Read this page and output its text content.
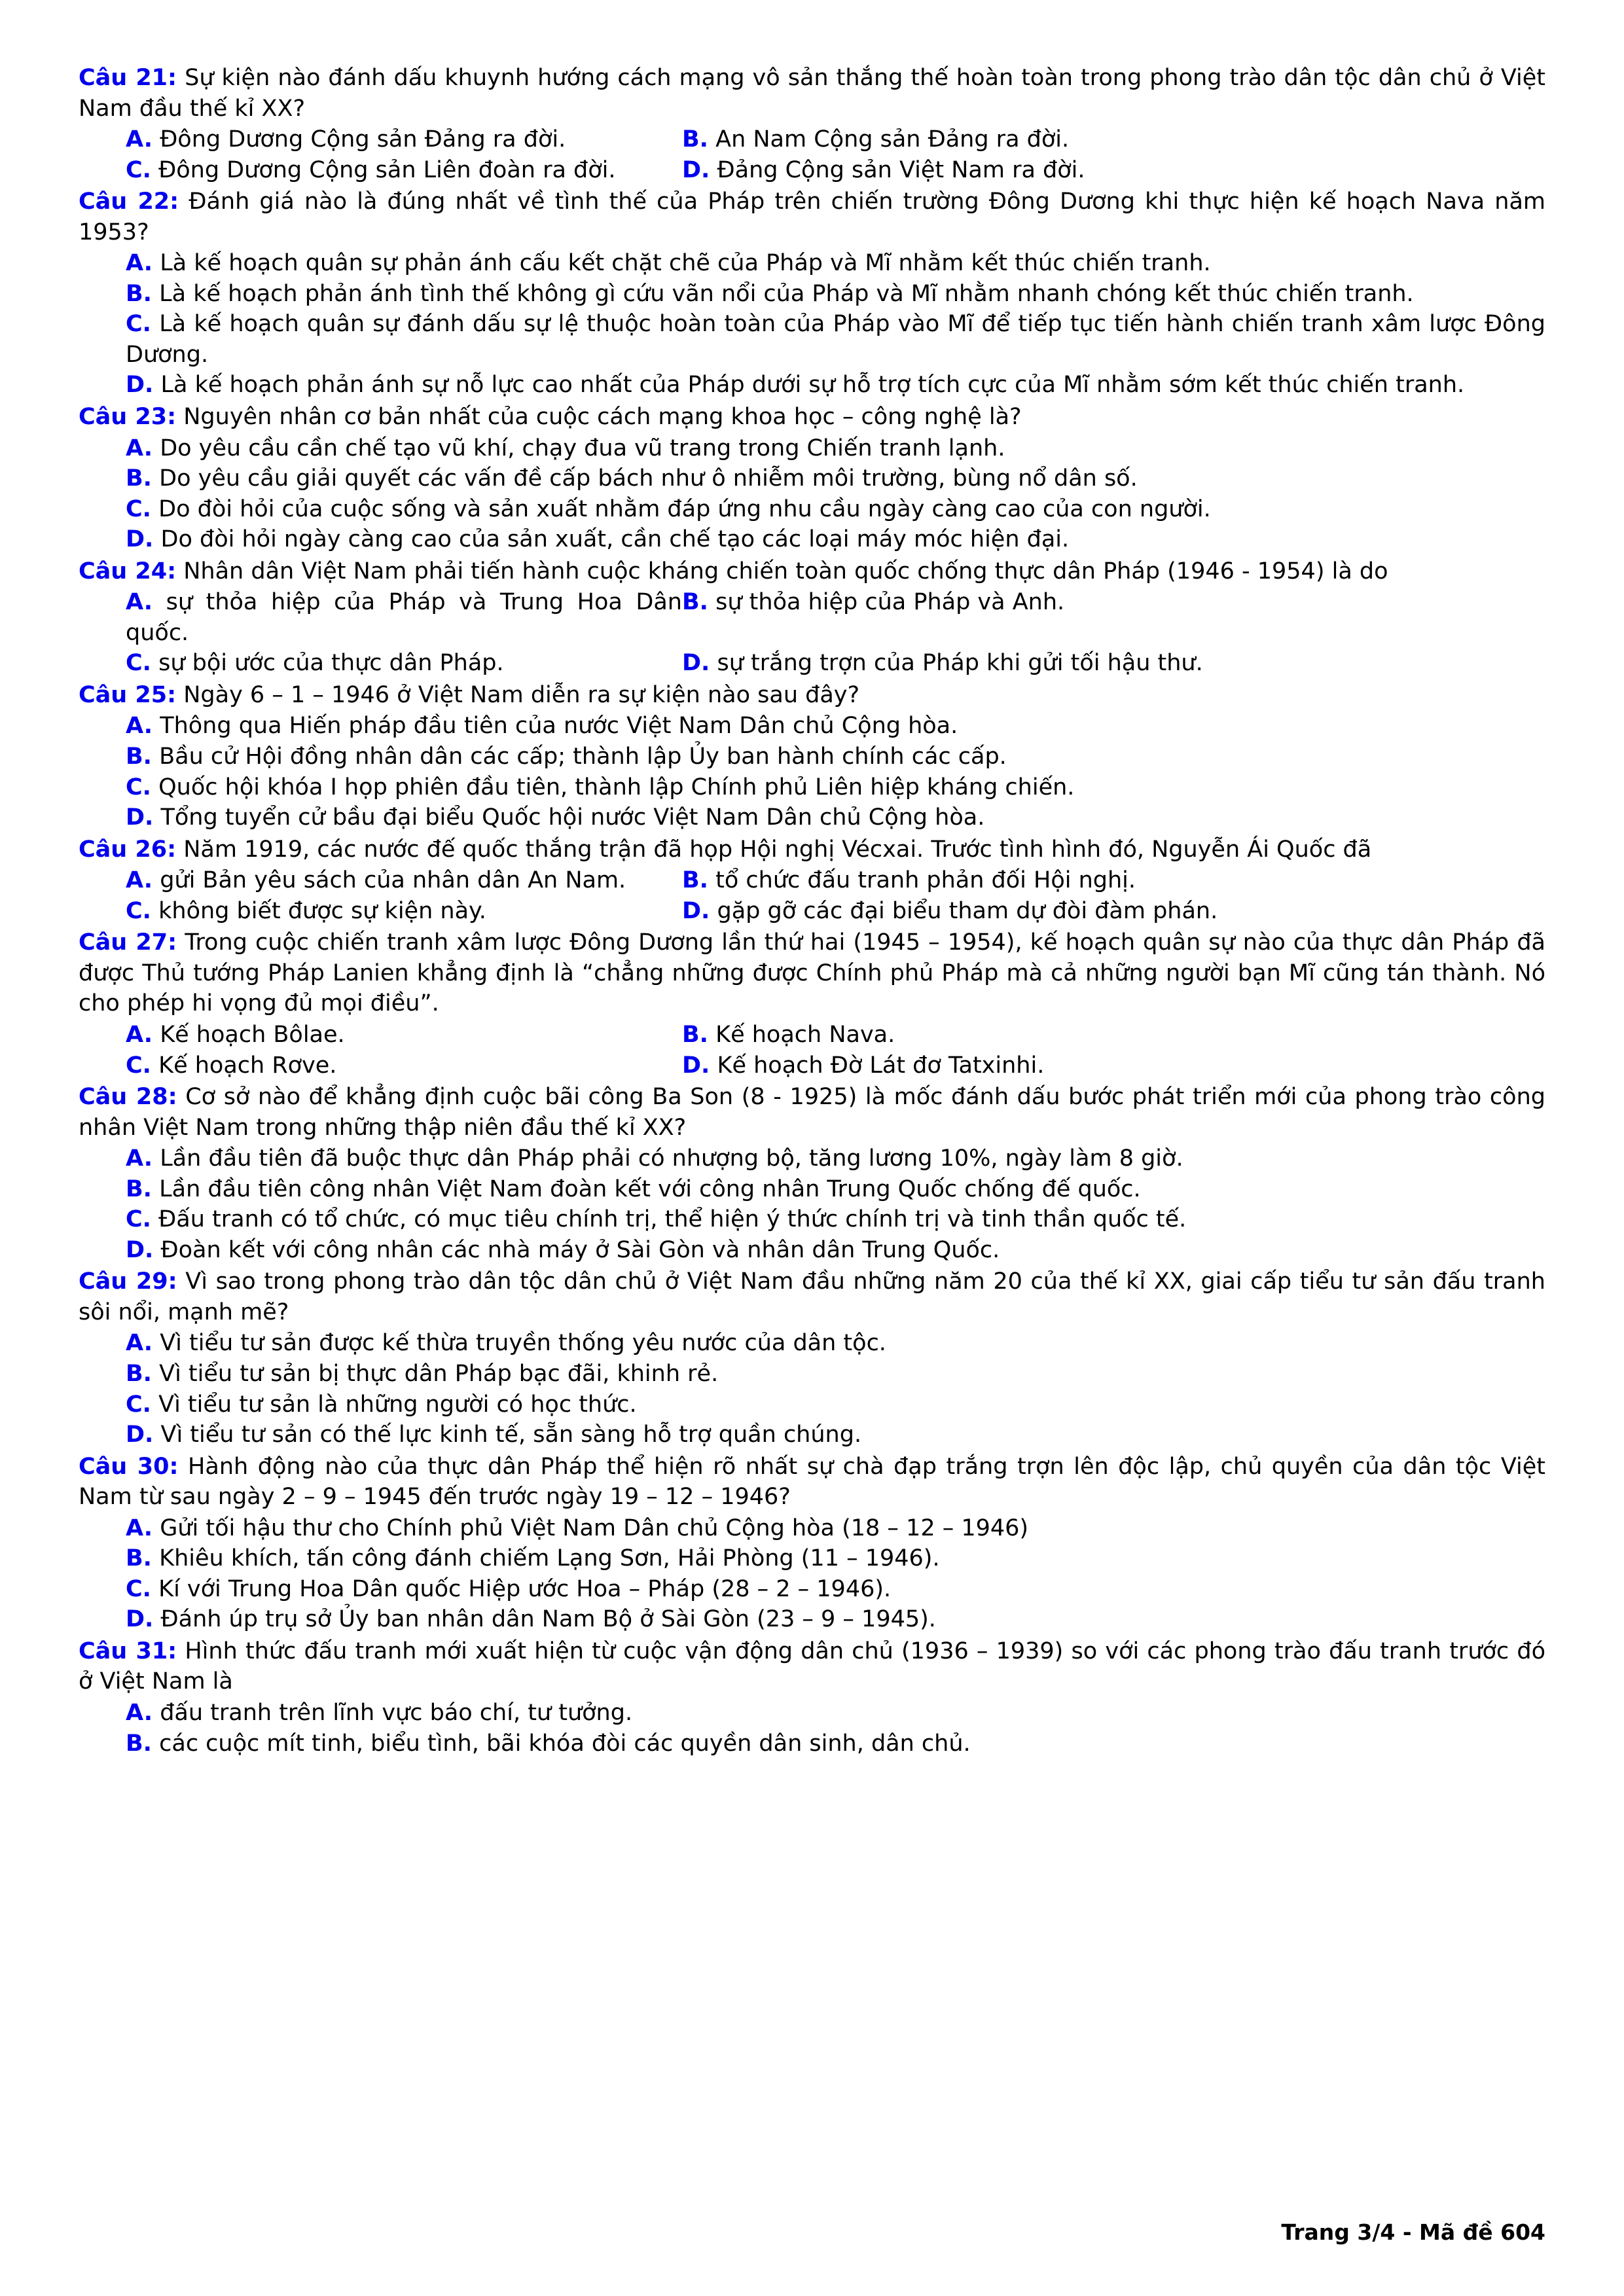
Câu 21: Sự kiện nào đánh dấu khuynh hướng cách mạng vô sản thắng thế hoàn toàn trong phong trào dân tộc dân chủ ở Việt Nam đầu thế kỉ XX?
A. Đông Dương Cộng sản Đảng ra đời.	B. An Nam Cộng sản Đảng ra đời.
C. Đông Dương Cộng sản Liên đoàn ra đời.	D. Đảng Cộng sản Việt Nam ra đời.
Câu 22: Đánh giá nào là đúng nhất về tình thế của Pháp trên chiến trường Đông Dương khi thực hiện kế hoạch Nava năm 1953?
A. Là kế hoạch quân sự phản ánh cấu kết chặt chẽ của Pháp và Mĩ nhằm kết thúc chiến tranh.
B. Là kế hoạch phản ánh tình thế không gì cứu vãn nổi của Pháp và Mĩ nhằm nhanh chóng kết thúc chiến tranh.
C. Là kế hoạch quân sự đánh dấu sự lệ thuộc hoàn toàn của Pháp vào Mĩ để tiếp tục tiến hành chiến tranh xâm lược Đông Dương.
D. Là kế hoạch phản ánh sự nỗ lực cao nhất của Pháp dưới sự hỗ trợ tích cực của Mĩ nhằm sớm kết thúc chiến tranh.
Câu 23: Nguyên nhân cơ bản nhất của cuộc cách mạng khoa học – công nghệ là?
A. Do yêu cầu cần chế tạo vũ khí, chạy đua vũ trang trong Chiến tranh lạnh.
B. Do yêu cầu giải quyết các vấn đề cấp bách như ô nhiễm môi trường, bùng nổ dân số.
C. Do đòi hỏi của cuộc sống và sản xuất nhằm đáp ứng nhu cầu ngày càng cao của con người.
D. Do đòi hỏi ngày càng cao của sản xuất, cần chế tạo các loại máy móc hiện đại.
Câu 24: Nhân dân Việt Nam phải tiến hành cuộc kháng chiến toàn quốc chống thực dân Pháp (1946 - 1954) là do
A. sự thỏa hiệp của Pháp và Trung Hoa Dân quốc.
B. sự thỏa hiệp của Pháp và Anh.
C. sự bội ước của thực dân Pháp.	D. sự trắng trợn của Pháp khi gửi tối hậu thư.
Câu 25: Ngày 6 – 1 – 1946 ở Việt Nam diễn ra sự kiện nào sau đây?
A. Thông qua Hiến pháp đầu tiên của nước Việt Nam Dân chủ Cộng hòa.
B. Bầu cử Hội đồng nhân dân các cấp; thành lập Ủy ban hành chính các cấp.
C. Quốc hội khóa I họp phiên đầu tiên, thành lập Chính phủ Liên hiệp kháng chiến.
D. Tổng tuyển cử bầu đại biểu Quốc hội nước Việt Nam Dân chủ Cộng hòa.
Câu 26: Năm 1919, các nước đế quốc thắng trận đã họp Hội nghị Vécxai. Trước tình hình đó, Nguyễn Ái Quốc đã
A. gửi Bản yêu sách của nhân dân An Nam.	B. tổ chức đấu tranh phản đối Hội nghị.
C. không biết được sự kiện này.	D. gặp gỡ các đại biểu tham dự đòi đàm phán.
Câu 27: Trong cuộc chiến tranh xâm lược Đông Dương lần thứ hai (1945 – 1954), kế hoạch quân sự nào của thực dân Pháp đã được Thủ tướng Pháp Lanien khẳng định là “chẳng những được Chính phủ Pháp mà cả những người bạn Mĩ cũng tán thành. Nó cho phép hi vọng đủ mọi điều”.
A. Kế hoạch Bôlae.	B. Kế hoạch Nava.
C. Kế hoạch Rơve.	D. Kế hoạch Đờ Lát đơ Tatxinhi.
Câu 28: Cơ sở nào để khẳng định cuộc bãi công Ba Son (8 - 1925) là mốc đánh dấu bước phát triển mới của phong trào công nhân Việt Nam trong những thập niên đầu thế kỉ XX?
A. Lần đầu tiên đã buộc thực dân Pháp phải có nhượng bộ, tăng lương 10%, ngày làm 8 giờ.
B. Lần đầu tiên công nhân Việt Nam đoàn kết với công nhân Trung Quốc chống đế quốc.
C. Đấu tranh có tổ chức, có mục tiêu chính trị, thể hiện ý thức chính trị và tinh thần quốc tế.
D. Đoàn kết với công nhân các nhà máy ở Sài Gòn và nhân dân Trung Quốc.
Câu 29: Vì sao trong phong trào dân tộc dân chủ ở Việt Nam đầu những năm 20 của thế kỉ XX, giai cấp tiểu tư sản đấu tranh sôi nổi, mạnh mẽ?
A. Vì tiểu tư sản được kế thừa truyền thống yêu nước của dân tộc.
B. Vì tiểu tư sản bị thực dân Pháp bạc đãi, khinh rẻ.
C. Vì tiểu tư sản là những người có học thức.
D. Vì tiểu tư sản có thế lực kinh tế, sẵn sàng hỗ trợ quần chúng.
Câu 30: Hành động nào của thực dân Pháp thể hiện rõ nhất sự chà đạp trắng trợn lên độc lập, chủ quyền của dân tộc Việt Nam từ sau ngày 2 – 9 – 1945 đến trước ngày 19 – 12 – 1946?
A. Gửi tối hậu thư cho Chính phủ Việt Nam Dân chủ Cộng hòa (18 – 12 – 1946)
B. Khiêu khích, tấn công đánh chiếm Lạng Sơn, Hải Phòng (11 – 1946).
C. Kí với Trung Hoa Dân quốc Hiệp ước Hoa – Pháp (28 – 2 – 1946).
D. Đánh úp trụ sở Ủy ban nhân dân Nam Bộ ở Sài Gòn (23 – 9 – 1945).
Câu 31: Hình thức đấu tranh mới xuất hiện từ cuộc vận động dân chủ (1936 – 1939) so với các phong trào đấu tranh trước đó ở Việt Nam là
A. đấu tranh trên lĩnh vực báo chí, tư tưởng.
B. các cuộc mít tinh, biểu tình, bãi khóa đòi các quyền dân sinh, dân chủ.
Trang 3/4 - Mã đề 604
